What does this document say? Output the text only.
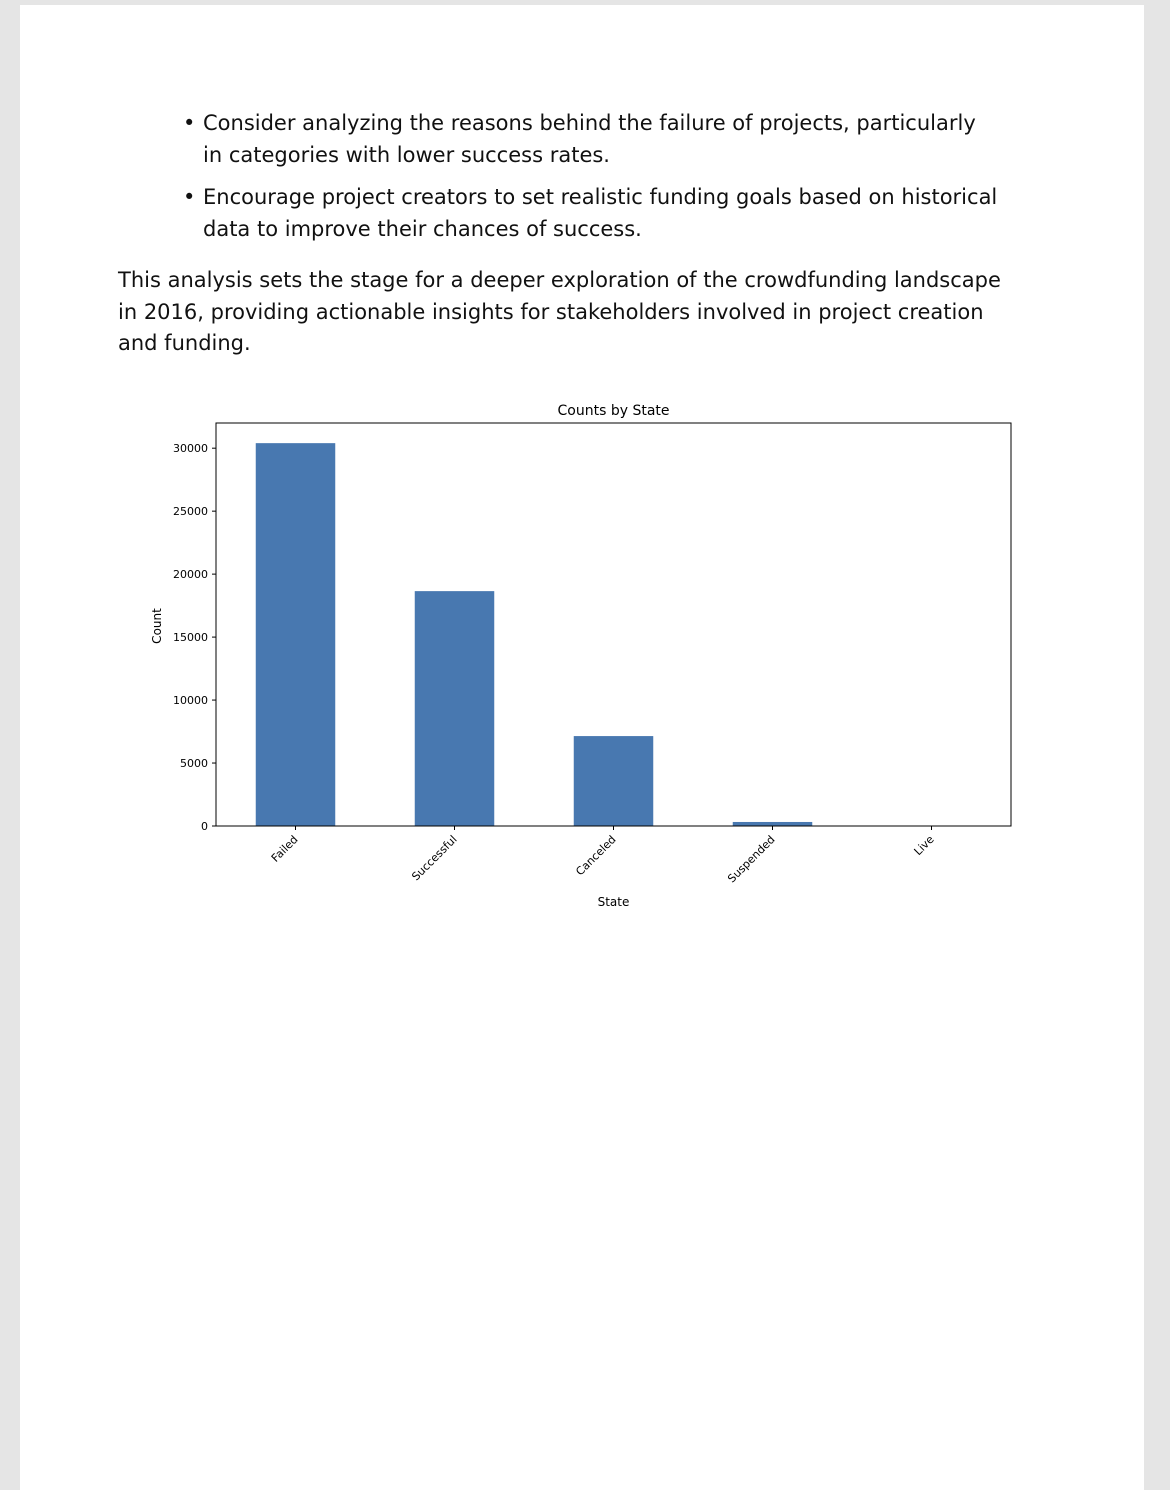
• Consider analyzing the reasons behind the failure of projects, particularly in categories with lower success rates.
• Encourage project creators to set realistic funding goals based on historical data to improve their chances of success.

This analysis sets the stage for a deeper exploration of the crowdfunding landscape in 2016, providing actionable insights for stakeholders involved in project creation and funding.

Counts by State
0
5000
10000
15000
20000
25000
30000
Failed	Successful	Canceled	Suspended	Live
Count
State
